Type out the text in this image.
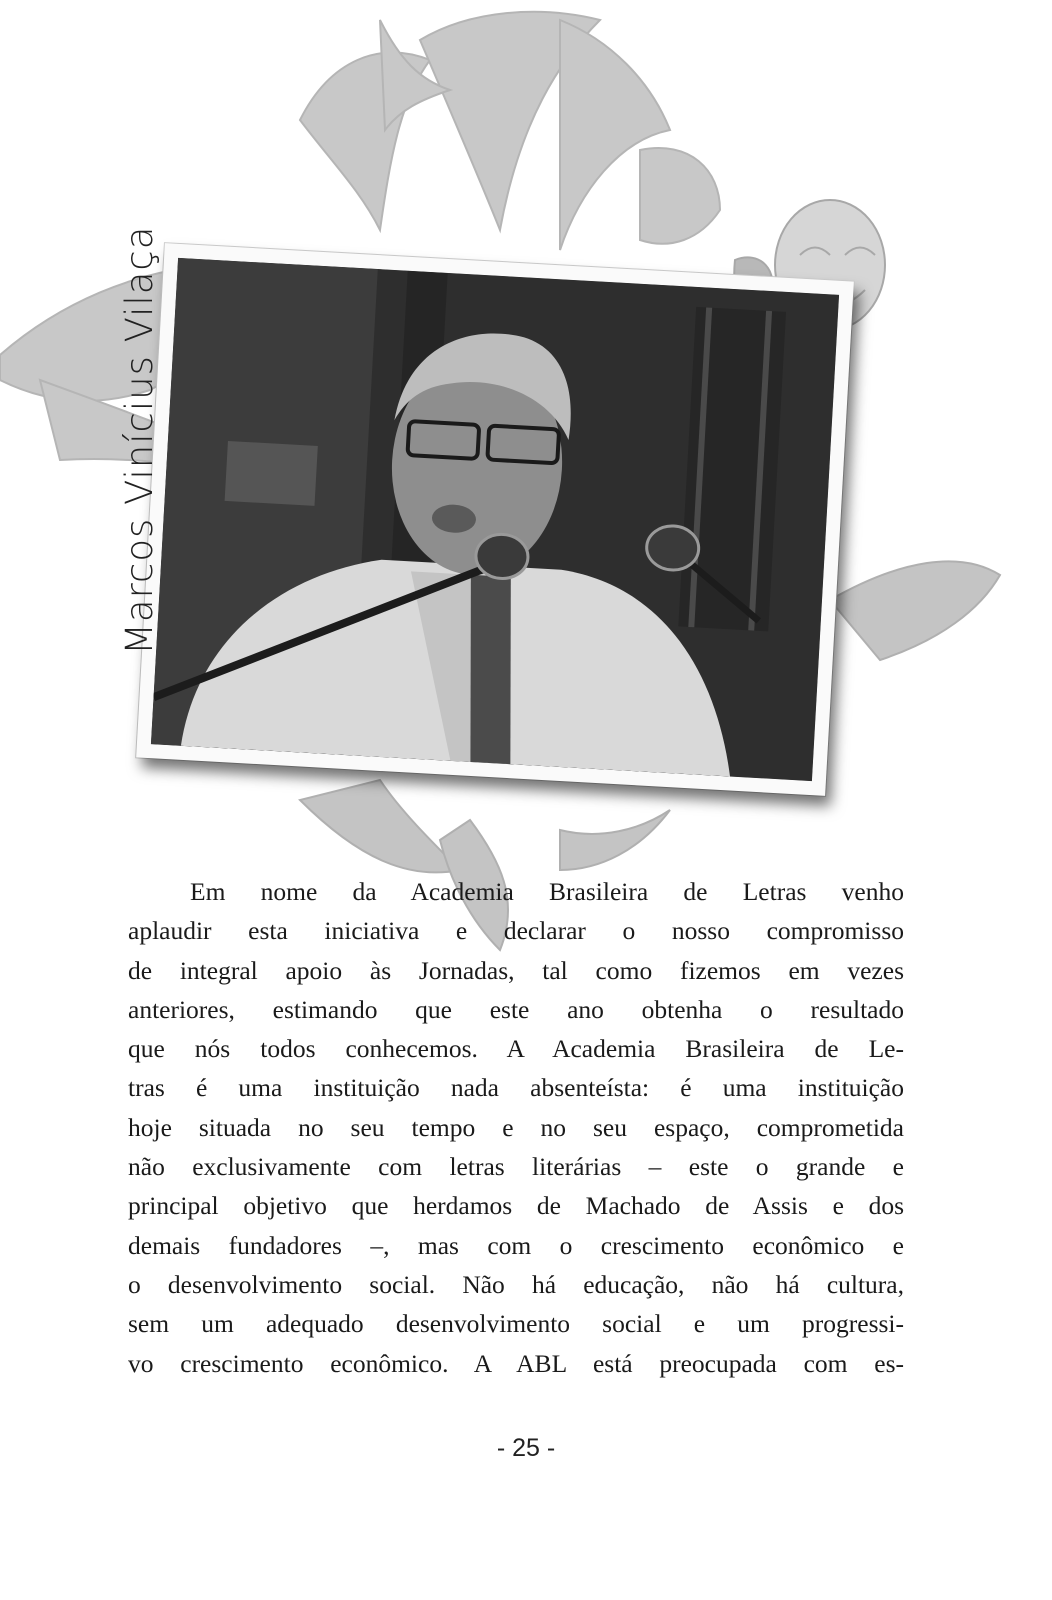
Marcos Vinícius Vilaça
Em nome da Academia Brasileira de Letras venho
aplaudir esta iniciativa e declarar o nosso compromisso
de integral apoio às Jornadas, tal como fizemos em vezes
anteriores, estimando que este ano obtenha o resultado
que nós todos conhecemos. A Academia Brasileira de Le-
tras é uma instituição nada absenteísta: é uma instituição
hoje situada no seu tempo e no seu espaço, comprometida
não exclusivamente com letras literárias – este o grande e
principal objetivo que herdamos de Machado de Assis e dos
demais fundadores –, mas com o crescimento econômico e
o desenvolvimento social. Não há educação, não há cultura,
sem um adequado desenvolvimento social e um progressi-
vo crescimento econômico. A ABL está preocupada com es-
- 25 -
